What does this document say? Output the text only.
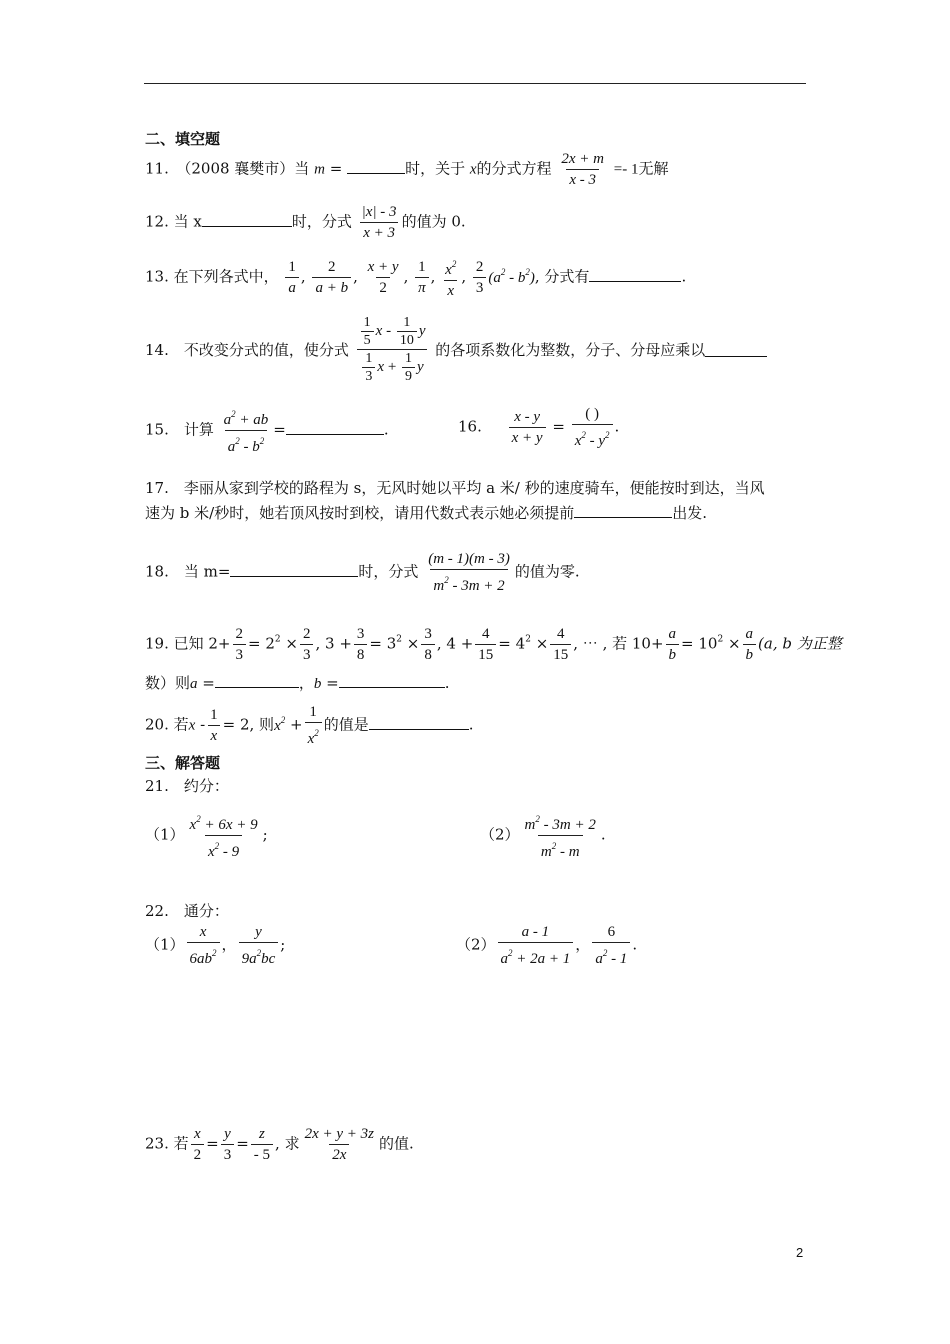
二、填空题
11.　（2008 襄樊市）当 m =	时，关于 x的分式方程 $\frac{2x + m}{x - 3} =- 1$无解
12. 当 x	时，分式 $\frac{|x| - 3}{x + 3}$ 的值为 0.
13. 在下列各式中， $\frac{1}{a}$ , $\frac{2}{a + b}$ , $\frac{x + y}{2}$ , $\frac{1}{\pi}$ , $\frac{x^2}{x}$ , $\frac{2}{3} (a^2 - b^2)$, 分式有	.
14.　不改变分式的值，使分式 $\frac{\frac{1}{5} x - \frac{1}{10} y}{\frac{1}{3} x + \frac{1}{9} y}$ 的各项系数化为整数，分子、分母应乘以
15.　计算 $\frac{a^2 + ab}{a^2 - b^2}$ =	.	16. $\frac{x - y}{x + y} = \frac{( )}{x^2 - y^2}$ .
17.　李丽从家到学校的路程为 s，无风时她以平均 a 米/ 秒的速度骑车，便能按时到达，当风
速为 b 米/秒时，她若顶风按时到校，请用代数式表示她必须提前	出发.
18.　当 m=	时，分式 $\frac{(m - 1)(m - 3)}{m^2 - 3m + 2}$ 的值为零.
19. 已知 $2+ \frac{2}{3} = 2^2 \times \frac{2}{3}$ , $3 + \frac{3}{8} = 3^2 \times \frac{3}{8}$ , $4 + \frac{4}{15} = 4^2 \times \frac{4}{15}$ , ⋯ , 若 $10+ \frac{a}{b} = 10^2 \times \frac{a}{b} (a$, b 为正整
数）则a =	，b =	.
20. 若$x - \frac{1}{x} = 2$, 则$x^2 + \frac{1}{x^2}$ 的值是	.
三、解答题
21.　约分：
$(1) \frac{x^2 + 6x + 9}{x^2 - 9}$ ;	$(2) \frac{m^2 - 3m + 2}{m^2 - m}$ .
22.　通分：
$(1) \frac{x}{6ab^2}$ ， $\frac{y}{9a^2bc}$ ;	$(2) \frac{a - 1}{a^2 + 2a + 1}$ ， $\frac{6}{a^2 - 1}$ .
23. 若 $\frac{x}{2} = \frac{y}{3} = \frac{z}{- 5}$ , 求 $\frac{2x + y + 3z}{2x}$ 的值.
2
